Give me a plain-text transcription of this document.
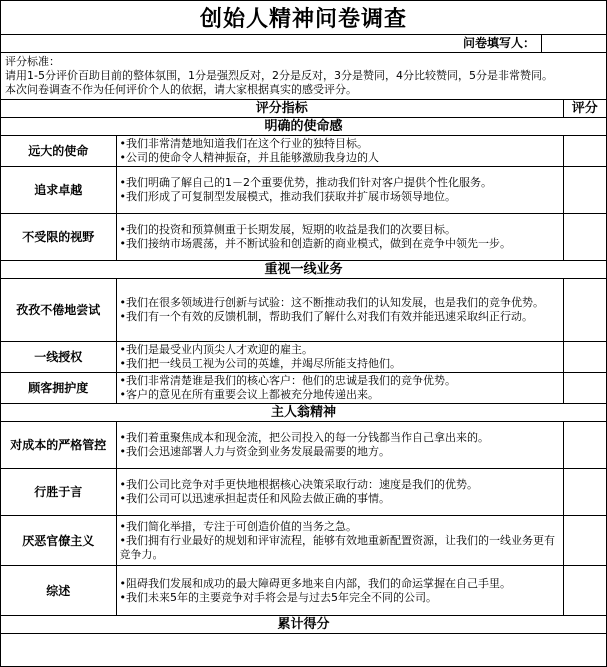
创始人精神问卷调查
问卷填写人：
评分标准：
请用1-5分评价百助目前的整体氛围，1分是强烈反对，2分是反对，3分是赞同，4分比较赞同，5分是非常赞同。
本次问卷调查不作为任何评价个人的依据，请大家根据真实的感受评分。
评分指标		评分
明确的使命感		
远大的使命	•我们非常清楚地知道我们在这个行业的独特目标。

•公司的使命令人精神振奋，并且能够激励我身边的人	

追求卓越	•我们明确了解自己的1－2个重要优势，推动我们针对客户提供个性化服务。

•我们形成了可复制型发展模式，推动我们获取并扩展市场领导地位。	

不受限的视野	•我们的投资和预算侧重于长期发展，短期的收益是我们的次要目标。

•我们接纳市场震荡，并不断试验和创造新的商业模式，做到在竞争中领先一步。	

重视一线业务		
孜孜不倦地尝试	•我们在很多领域进行创新与试验：这不断推动我们的认知发展，也是我们的竞争优势。

•我们有一个有效的反馈机制，帮助我们了解什么对我们有效并能迅速采取纠正行动。	

一线授权	•我们是最受业内顶尖人才欢迎的雇主。

•我们把一线员工视为公司的英雄，并竭尽所能支持他们。	

顾客拥护度	•我们非常清楚谁是我们的核心客户：他们的忠诚是我们的竞争优势。

•客户的意见在所有重要会议上都被充分地传递出来。	

主人翁精神		
对成本的严格管控	•我们着重聚焦成本和现金流，把公司投入的每一分钱都当作自己拿出来的。

•我们会迅速部署人力与资金到业务发展最需要的地方。	

行胜于言	•我们公司比竞争对手更快地根据核心决策采取行动：速度是我们的优势。

•我们公司可以迅速承担起责任和风险去做正确的事情。	

厌恶官僚主义	•我们简化举措，专注于可创造价值的当务之急。

•我们拥有行业最好的规划和评审流程，能够有效地重新配置资源，让我们的一线业务更有竞争力。	

综述	•阻碍我们发展和成功的最大障碍更多地来自内部，我们的命运掌握在自己手里。

•我们未来5年的主要竞争对手将会是与过去5年完全不同的公司。	

累计得分		
